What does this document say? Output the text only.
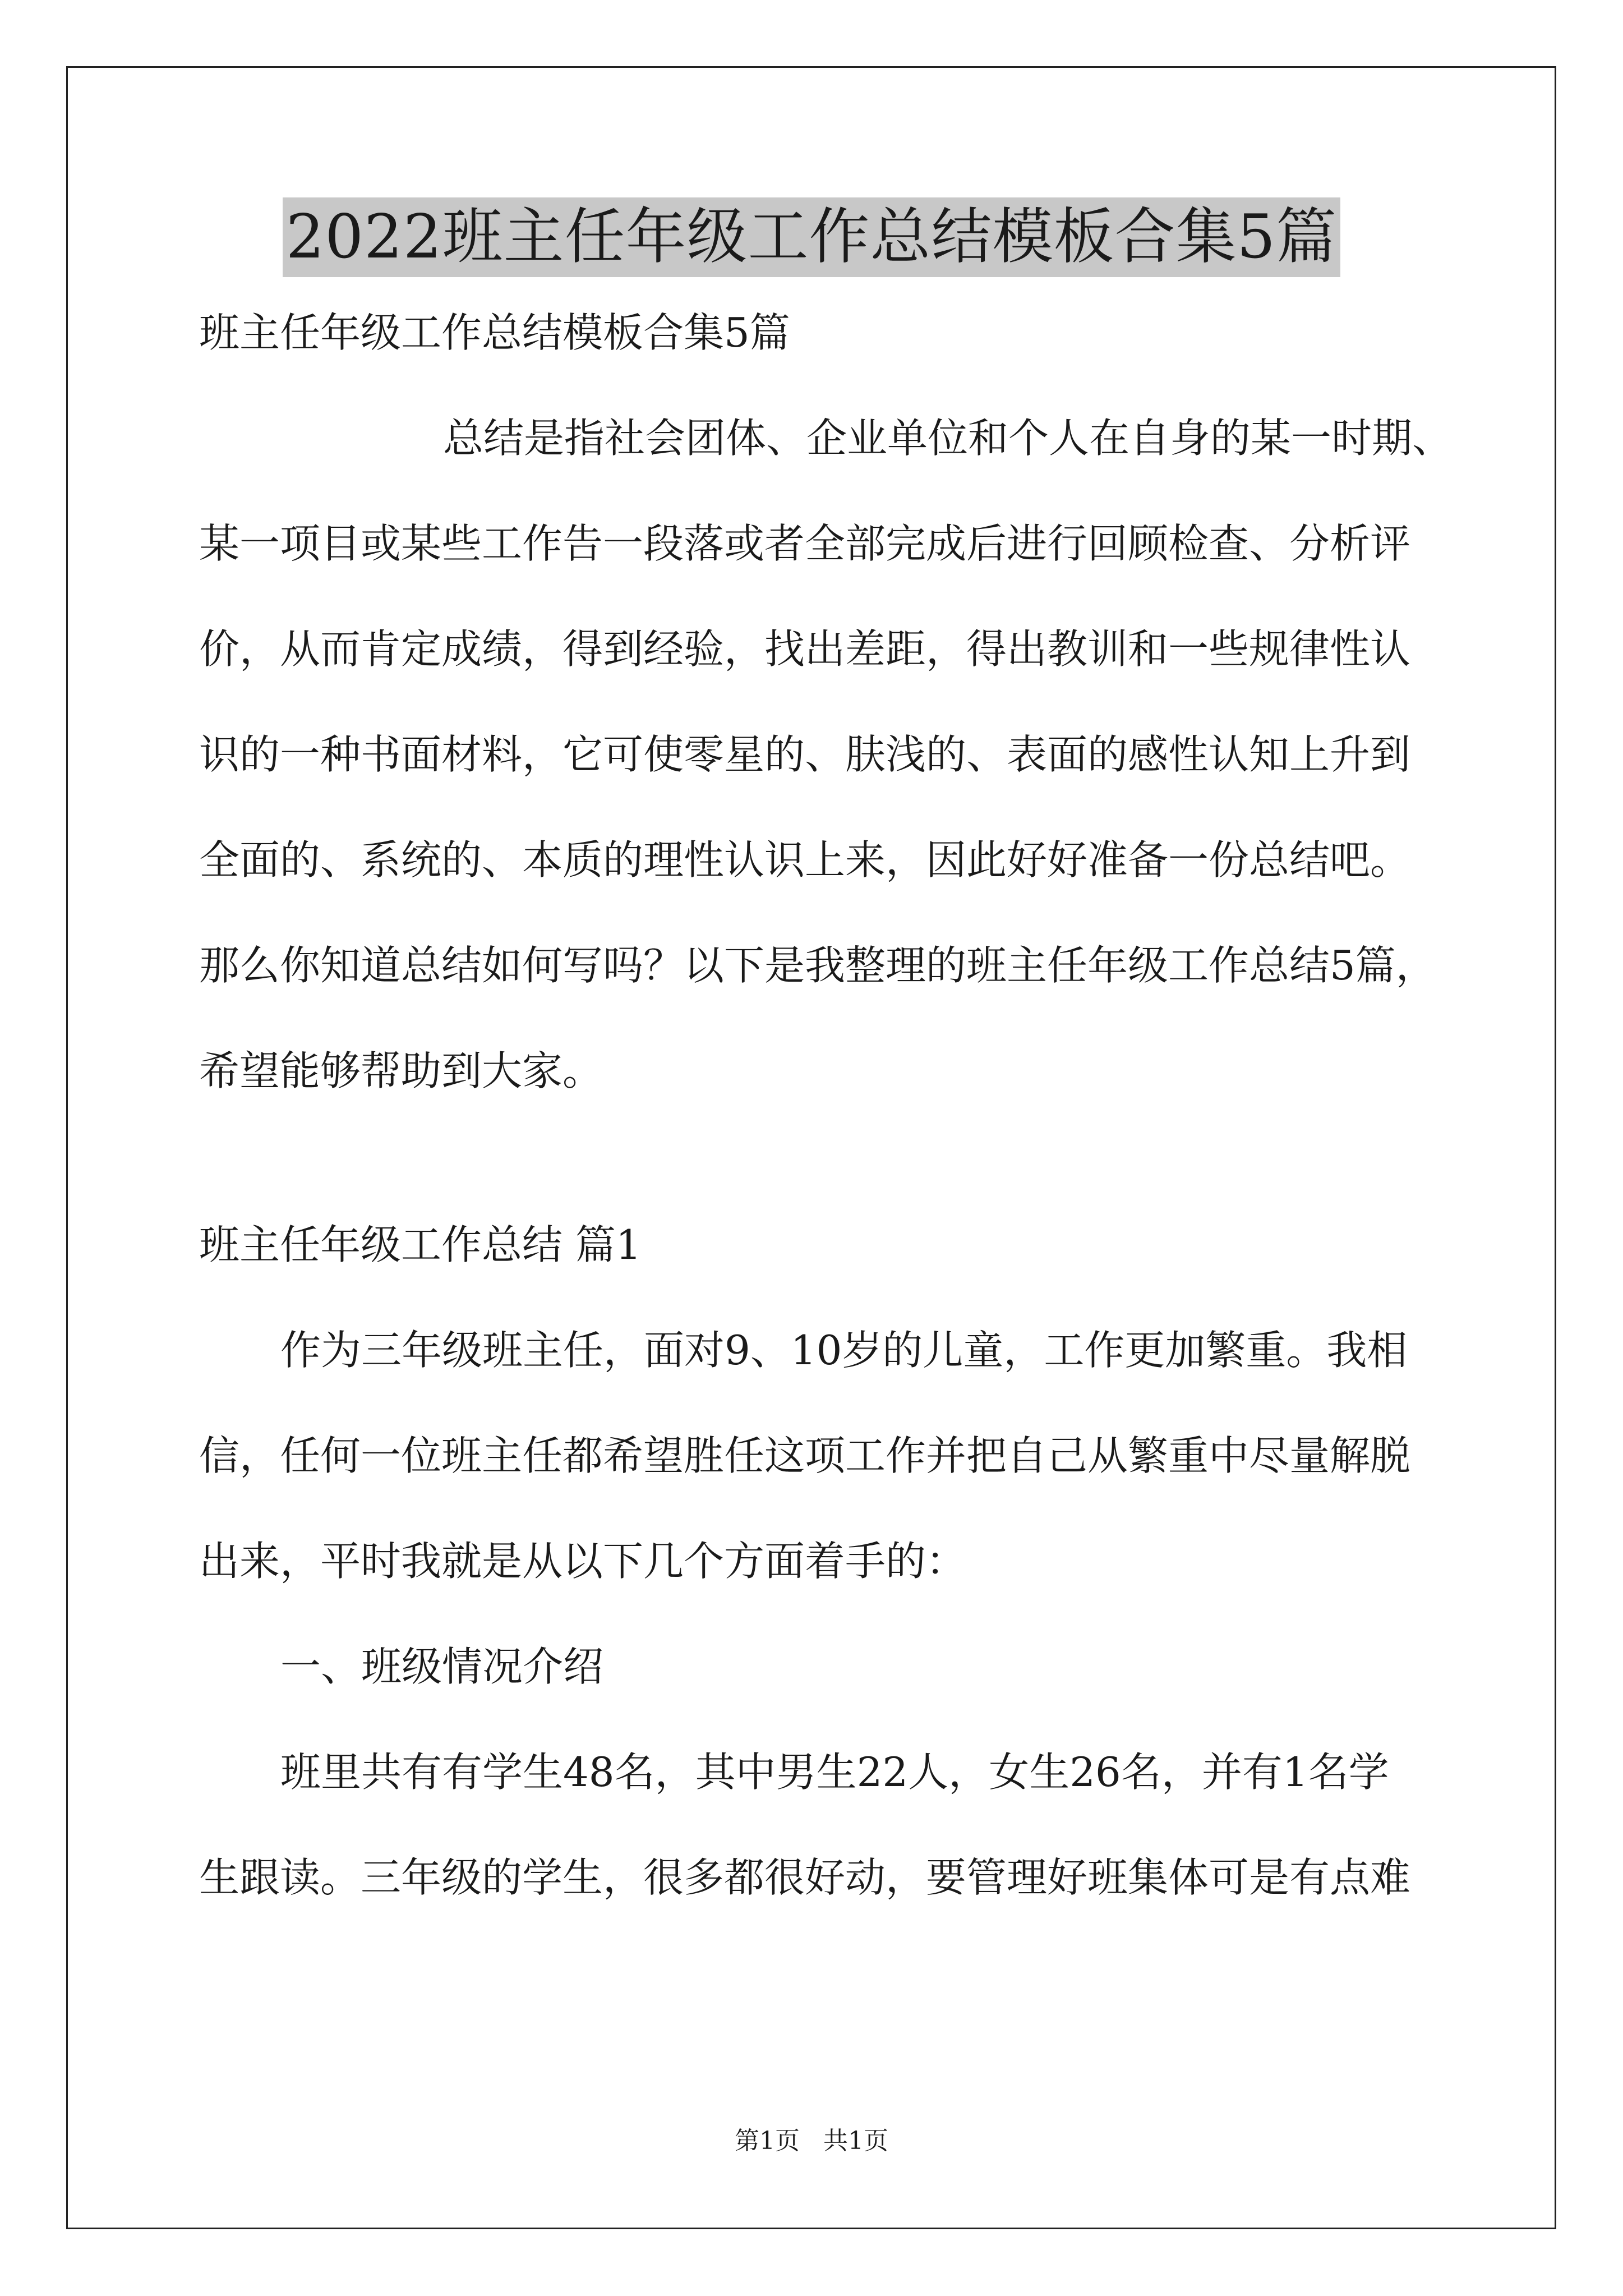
2022班主任年级工作总结模板合集5篇
班主任年级工作总结模板合集5篇
总结是指社会团体、企业单位和个人在自身的某一时期、
某一项目或某些工作告一段落或者全部完成后进行回顾检查、分析评
价，从而肯定成绩，得到经验，找出差距，得出教训和一些规律性认
识的一种书面材料，它可使零星的、肤浅的、表面的感性认知上升到
全面的、系统的、本质的理性认识上来，因此好好准备一份总结吧。
那么你知道总结如何写吗？以下是我整理的班主任年级工作总结5篇，
希望能够帮助到大家。
班主任年级工作总结 篇1
作为三年级班主任，面对9、10岁的儿童，工作更加繁重。我相
信，任何一位班主任都希望胜任这项工作并把自己从繁重中尽量解脱
出来，平时我就是从以下几个方面着手的：
一、班级情况介绍
班里共有有学生48名，其中男生22人，女生26名，并有1名学
生跟读。三年级的学生，很多都很好动，要管理好班集体可是有点难
第1页   共1页
